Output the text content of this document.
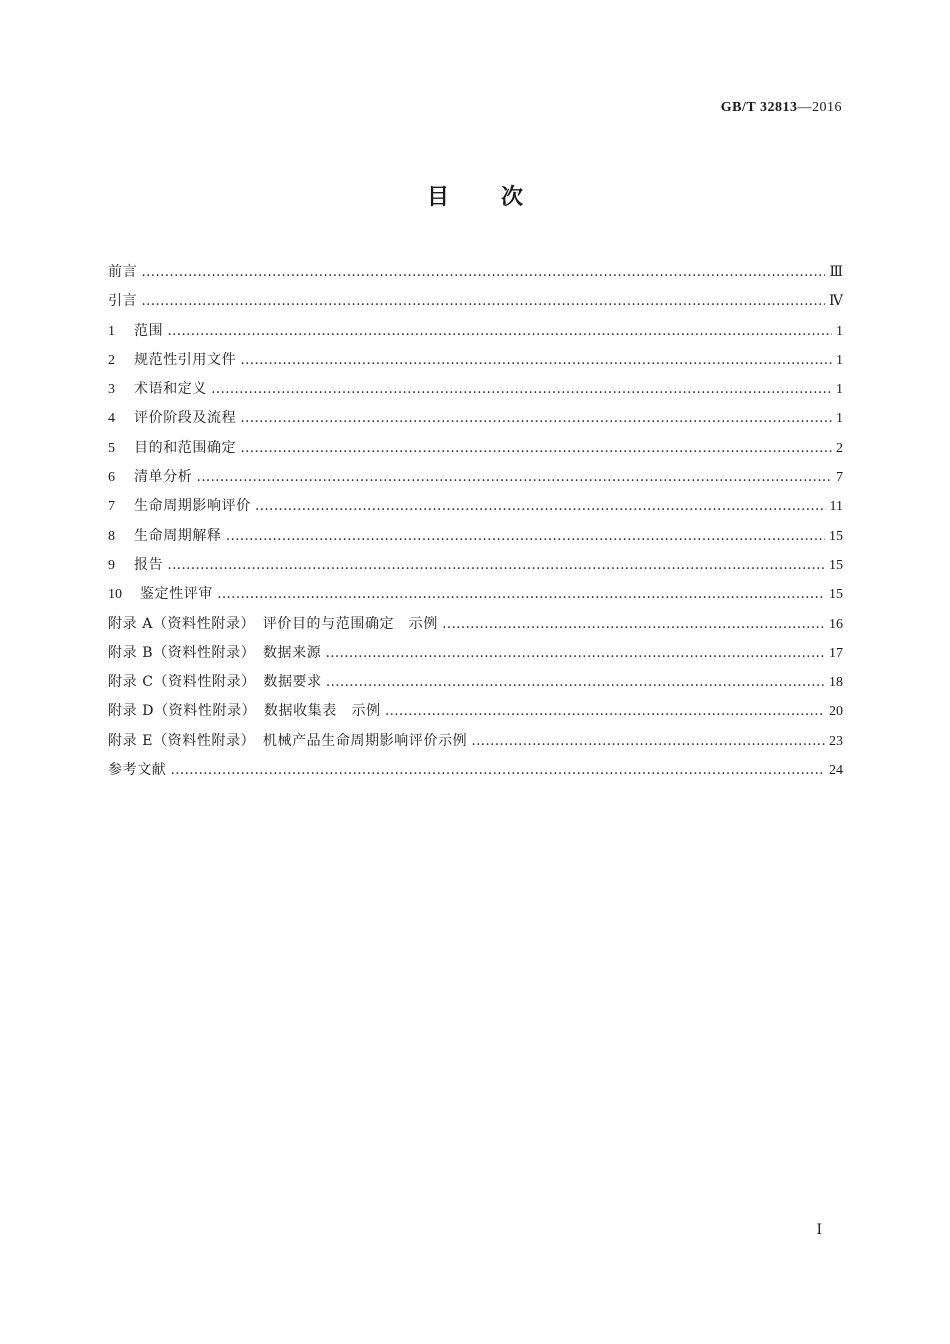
GB/T 32813—2016
目 次
前言 …………………………………………………………………………………………………………………………………………………………………………………………………………………………………………………………	Ⅲ
引言 …………………………………………………………………………………………………………………………………………………………………………………………………………………………………………………………	Ⅳ
1	范围 …………………………………………………………………………………………………………………………………………………………………………………………………………………………………………………………	1
2	规范性引用文件 …………………………………………………………………………………………………………………………………………………………………………………………………………………………………………………………	1
3	术语和定义 …………………………………………………………………………………………………………………………………………………………………………………………………………………………………………………………	1
4	评价阶段及流程 …………………………………………………………………………………………………………………………………………………………………………………………………………………………………………………………	1
5	目的和范围确定 …………………………………………………………………………………………………………………………………………………………………………………………………………………………………………………………	2
6	清单分析 …………………………………………………………………………………………………………………………………………………………………………………………………………………………………………………………	7
7	生命周期影响评价 …………………………………………………………………………………………………………………………………………………………………………………………………………………………………………………………	11
8	生命周期解释 …………………………………………………………………………………………………………………………………………………………………………………………………………………………………………………………	15
9	报告 …………………………………………………………………………………………………………………………………………………………………………………………………………………………………………………………	15
10	鉴定性评审 …………………………………………………………………………………………………………………………………………………………………………………………………………………………………………………………	15
附录 A（资料性附录）　评价目的与范围确定　示例 …………………………………………………………………………………………………………………………………………………………………………………………………………………………………………………………	16
附录 B（资料性附录）　数据来源 …………………………………………………………………………………………………………………………………………………………………………………………………………………………………………………………	17
附录 C（资料性附录）　数据要求 …………………………………………………………………………………………………………………………………………………………………………………………………………………………………………………………	18
附录 D（资料性附录）　数据收集表　示例 …………………………………………………………………………………………………………………………………………………………………………………………………………………………………………………………	20
附录 E（资料性附录）　机械产品生命周期影响评价示例 …………………………………………………………………………………………………………………………………………………………………………………………………………………………………………………………	23
参考文献 …………………………………………………………………………………………………………………………………………………………………………………………………………………………………………………………	24
Ⅰ
